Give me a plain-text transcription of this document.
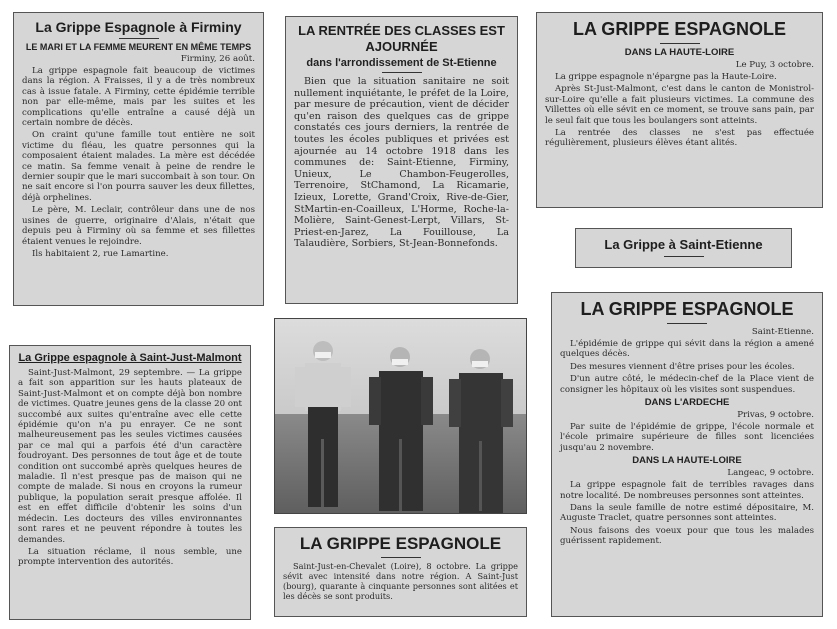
La Grippe Espagnole à Firminy
LE MARI ET LA FEMME MEURENT EN MÊME TEMPS
Firminy, 26 août.

La grippe espagnole fait beaucoup de victimes dans la région. A Fraisses, il y a de très nombreux cas à issue fatale. A Firminy, cette épidémie terrible non par elle-même, mais par les suites et les complications qu'elle entraîne a causé déjà un certain nombre de décès.

On craint qu'une famille tout entière ne soit victime du fléau, les quatre personnes qui la composaient étaient malades. La mère est décédée ce matin. Sa femme venait à peine de rendre le dernier soupir que le mari succombait à son tour. On ne sait encore si l'on pourra sauver les deux fillettes, déjà orphelines.

Le père, M. Leclair, contrôleur dans une de nos usines de guerre, originaire d'Alais, n'était que depuis peu à Firminy où sa femme et ses fillettes étaient venues le rejoindre.

Ils habitaient 2, rue Lamartine.

LA RENTRÉE DES CLASSES EST AJOURNÉE
dans l'arrondissement de St-Etienne

Bien que la situation sanitaire ne soit nullement inquiétante, le préfet de la Loire, par mesure de précaution, vient de décider qu'en raison des quelques cas de grippe constatés ces jours derniers, la rentrée de toutes les écoles publiques et privées est ajournée au 14 octobre 1918 dans les communes de: Saint-Etienne, Firminy, Unieux, Le Chambon-Feugerolles, Terrenoire, StChamond, La Ricamarie, Izieux, Lorette, Grand'Croix, Rive-de-Gier, StMartin-en-Coailleux, L'Horme, Roche-la-Molière, Saint-Genest-Lerpt, Villars, St-Priest-en-Jarez, La Fouillouse, La Talaudière, Sorbiers, St-Jean-Bonnefonds.

LA GRIPPE ESPAGNOLE
DANS LA HAUTE-LOIRE
Le Puy, 3 octobre.

La grippe espagnole n'épargne pas la Haute-Loire.

Après St-Just-Malmont, c'est dans le canton de Monistrol-sur-Loire qu'elle a fait plusieurs victimes. La commune des Villettes où elle sévit en ce moment, se trouve sans pain, par le seul fait que tous les boulangers sont atteints.

La rentrée des classes ne s'est pas effectuée régulièrement, plusieurs élèves étant alités.

La Grippe à Saint-Etienne
La Grippe espagnole à Saint-Just-Malmont

Saint-Just-Malmont, 29 septembre. — La grippe a fait son apparition sur les hauts plateaux de Saint-Just-Malmont et on compte déjà bon nombre de victimes. Quatre jeunes gens de la classe 20 ont succombé aux suites qu'entraîne avec elle cette épidémie qu'on n'a pu enrayer. Ce ne sont malheureusement pas les seules victimes causées par ce mal qui a parfois été d'un caractère foudroyant. Des personnes de tout âge et de toute condition ont succombé après quelques heures de maladie. Il n'est presque pas de maison qui ne compte de malade. Si nous en croyons la rumeur publique, la population serait presque affolée. Il est en effet difficile d'obtenir les soins d'un médecin. Les docteurs des villes environnantes sont rares et ne peuvent répondre à toutes les demandes.

La situation réclame, il nous semble, une prompte intervention des autorités.

LA GRIPPE ESPAGNOLE

Saint-Just-en-Chevalet (Loire), 8 octobre. La grippe sévit avec intensité dans notre région. A Saint-Just (bourg), quarante à cinquante personnes sont alitées et les décès se sont produits.

LA GRIPPE ESPAGNOLE
Saint-Etienne.

L'épidémie de grippe qui sévit dans la région a amené quelques décès.

Des mesures viennent d'être prises pour les écoles.

D'un autre côté, le médecin-chef de la Place vient de consigner les hôpitaux où les visites sont suspendues.

DANS L'ARDECHE
Privas, 9 octobre.

Par suite de l'épidémie de grippe, l'école normale et l'école primaire supérieure de filles sont licenciées jusqu'au 2 novembre.

DANS LA HAUTE-LOIRE
Langeac, 9 octobre.

La grippe espagnole fait de terribles ravages dans notre localité. De nombreuses personnes sont atteintes.

Dans la seule famille de notre estimé dépositaire, M. Auguste Traclet, quatre personnes sont atteintes.

Nous faisons des voeux pour que tous les malades guérissent rapidement.
